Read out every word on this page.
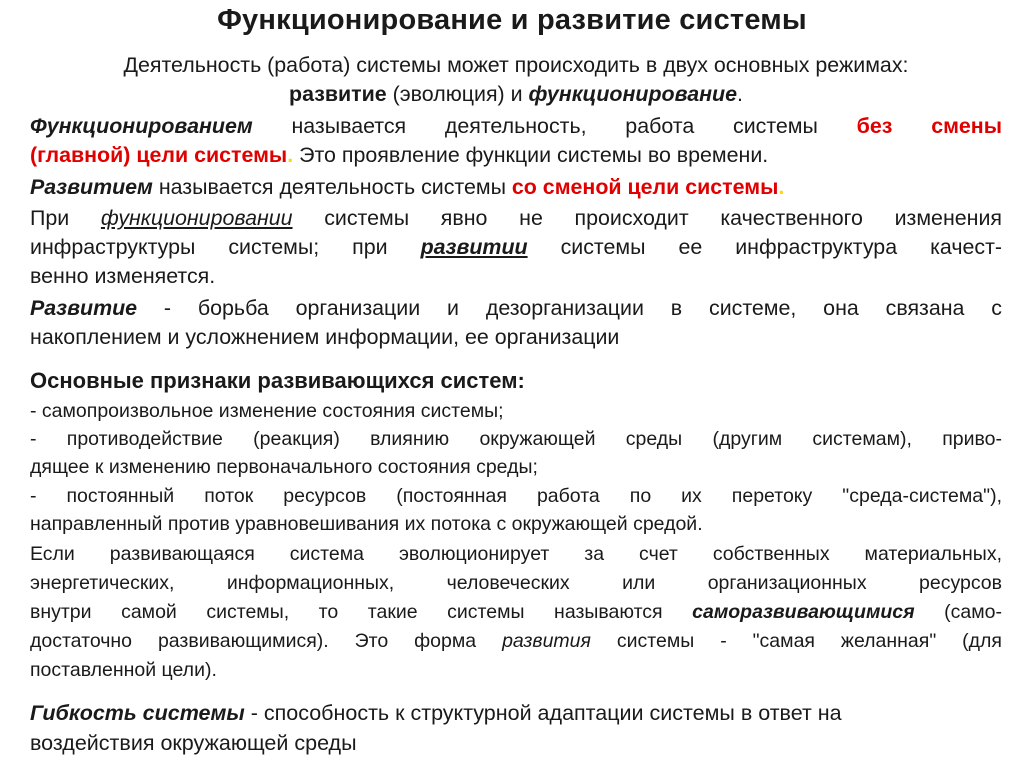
Функционирование и развитие системы
Деятельность (работа) системы может происходить в двух основных режимах:
развитие (эволюция) и функционирование.
Функционированием называется деятельность, работа системы без смены
(главной) цели системы. Это проявление функции системы во времени.
Развитием называется деятельность системы со сменой цели системы.
При функционировании системы явно не происходит качественного изменения
инфраструктуры системы; при развитии системы ее инфраструктура качест-
венно изменяется.
Развитие - борьба организации и дезорганизации в системе, она связана с
накоплением и усложнением информации, ее организации
Основные признаки развивающихся систем:
- самопроизвольное изменение состояния системы;
- противодействие (реакция) влиянию окружающей среды (другим системам), приво-
дящее к изменению первоначального состояния среды;
- постоянный поток ресурсов (постоянная работа по их перетоку "среда-система"),
направленный против уравновешивания их потока с окружающей средой.
Если развивающаяся система эволюционирует за счет собственных материальных,
энергетических, информационных, человеческих или организационных ресурсов
внутри самой системы, то такие системы называются саморазвивающимися (само-
достаточно развивающимися). Это форма развития системы - "самая желанная" (для
поставленной цели).
Гибкость системы - способность к структурной адаптации системы в ответ на
воздействия окружающей среды
